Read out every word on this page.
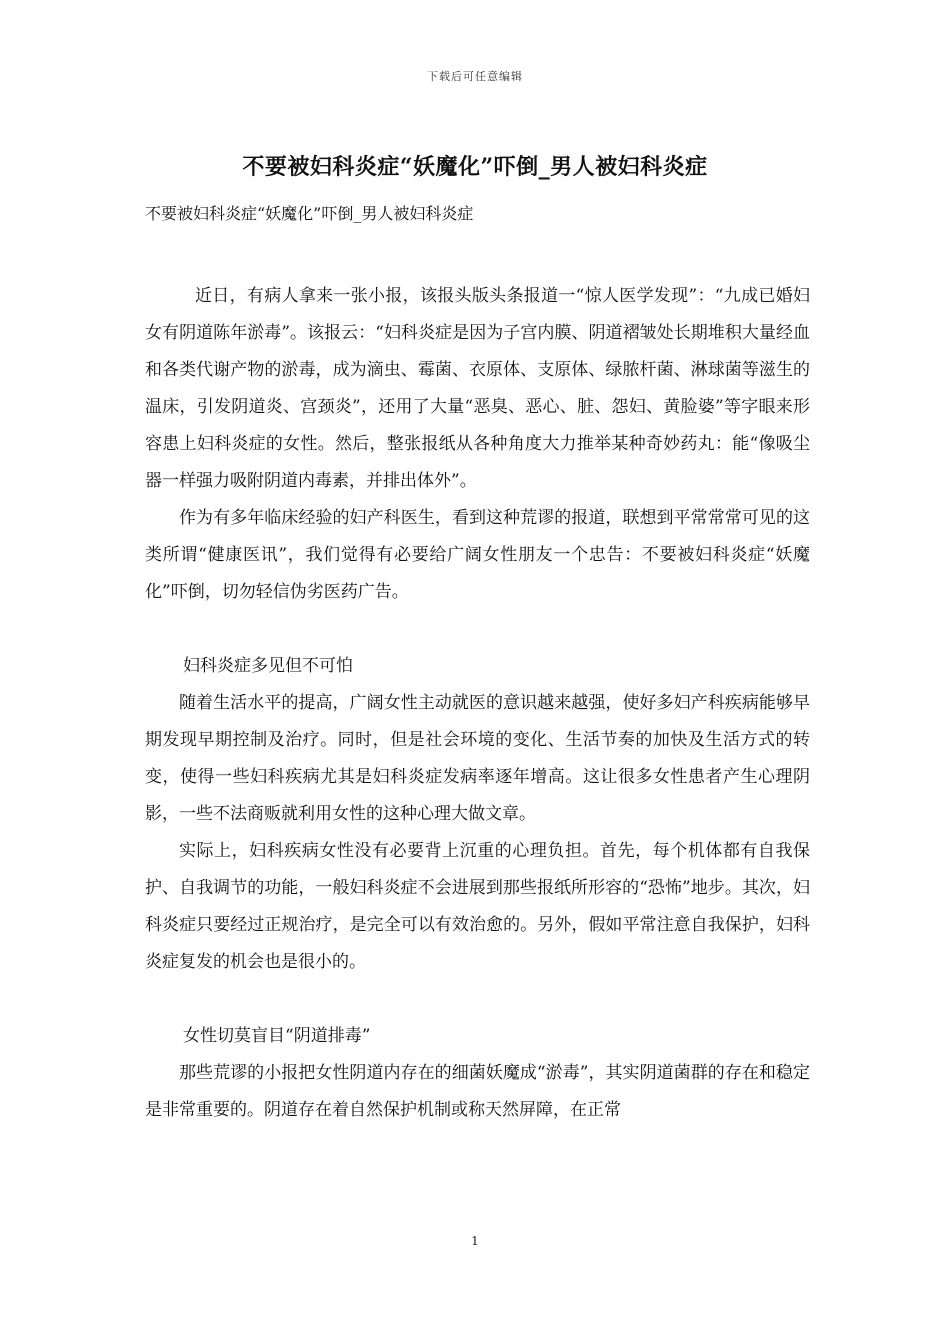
下载后可任意编辑
不要被妇科炎症“妖魔化”吓倒_男人被妇科炎症

不要被妇科炎症“妖魔化”吓倒_男人被妇科炎症

近日，有病人拿来一张小报，该报头版头条报道一“惊人医学发现”：“九成已婚妇女有阴道陈年淤毒”。该报云：“妇科炎症是因为子宫内膜、阴道褶皱处长期堆积大量经血和各类代谢产物的淤毒，成为滴虫、霉菌、衣原体、支原体、绿脓杆菌、淋球菌等滋生的温床，引发阴道炎、宫颈炎”，还用了大量“恶臭、恶心、脏、怨妇、黄脸婆”等字眼来形容患上妇科炎症的女性。然后，整张报纸从各种角度大力推举某种奇妙药丸：能“像吸尘器一样强力吸附阴道内毒素，并排出体外”。

作为有多年临床经验的妇产科医生，看到这种荒谬的报道，联想到平常常常可见的这类所谓“健康医讯”，我们觉得有必要给广阔女性朋友一个忠告：不要被妇科炎症“妖魔化”吓倒，切勿轻信伪劣医药广告。

妇科炎症多见但不可怕

随着生活水平的提高，广阔女性主动就医的意识越来越强，使好多妇产科疾病能够早期发现早期控制及治疗。同时，但是社会环境的变化、生活节奏的加快及生活方式的转变，使得一些妇科疾病尤其是妇科炎症发病率逐年增高。这让很多女性患者产生心理阴影，一些不法商贩就利用女性的这种心理大做文章。

实际上，妇科疾病女性没有必要背上沉重的心理负担。首先，每个机体都有自我保护、自我调节的功能，一般妇科炎症不会进展到那些报纸所形容的“恐怖”地步。其次，妇科炎症只要经过正规治疗，是完全可以有效治愈的。另外，假如平常注意自我保护，妇科炎症复发的机会也是很小的。

女性切莫盲目“阴道排毒”

那些荒谬的小报把女性阴道内存在的细菌妖魔成“淤毒”，其实阴道菌群的存在和稳定是非常重要的。阴道存在着自然保护机制或称天然屏障，在正常

1
